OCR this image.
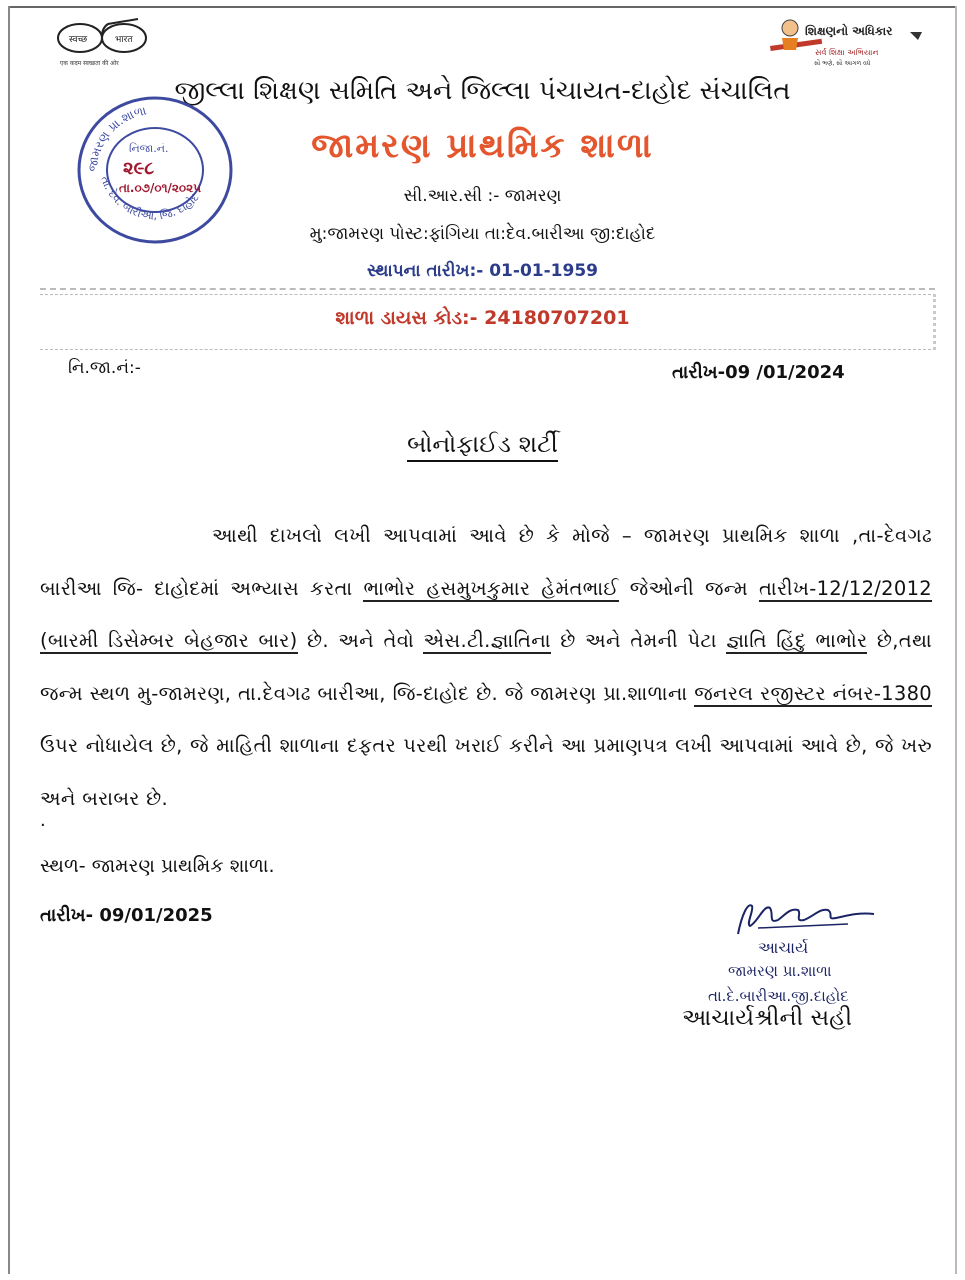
स्वच्छ	भारत
एक कदम स्वच्छता की ओर
શિક્ષણનો અધિકાર
સર્વ શિક્ષા અભિયાન
સૌ ભણે, સૌ આગળ વધે
જીલ્લા શિક્ષણ સમિતિ અને જિલ્લા પંચાયત-દાહોદ સંચાલિત
જામરણ પ્રાથમિક શાળા
સી.આર.સી :- જામરણ
મુ:જામરણ પોસ્ટ:ફાંગિયા તા:દેવ.બારીઆ જી:દાહોદ
સ્થાપના તારીખ:- 01-01-1959
જામરણ પ્રા.શાળા
તા. દેવ. બારીઆ, જિ. દાહોદ
નિજા.નં.
૨૯૮
તા.૦૭/૦૧/૨૦૨૫
શાળા ડાયસ કોડ:- 24180707201
નિ.જા.નં:-	તારીખ-09 /01/2024
બોનોફાઈડ શર્ટી

આથી દાખલો લખી આપવામાં આવે છે કે મોજે – જામરણ પ્રાથમિક શાળા ,તા-દેવગઢ બારીઆ જિ- દાહોદમાં અભ્યાસ કરતા ભાભોર હસમુખકુમાર હેમંતભાઈ જેઓની જન્મ તારીખ-12/12/2012 (બારમી ડિસેમ્બર બેહજાર બાર) છે. અને તેવો એસ.ટી.જ્ઞાતિના છે અને તેમની પેટા જ્ઞાતિ હિંદુ ભાભોર છે,તથા જન્મ સ્થળ મુ-જામરણ, તા.દેવગઢ બારીઆ, જિ-દાહોદ છે. જે જામરણ પ્રા.શાળાના જનરલ રજીસ્ટર નંબર-1380 ઉપર નોધાયેલ છે, જે માહિતી શાળાના દફતર પરથી ખરાઈ કરીને આ પ્રમાણપત્ર લખી આપવામાં આવે છે, જે ખરુ અને બરાબર છે.

.
સ્થળ- જામરણ પ્રાથમિક શાળા.
તારીખ- 09/01/2025
આચાર્ય
જામરણ પ્રા.શાળા
તા.દે.બારીઆ.જી.દાહોદ
આચાર્યશ્રીની સહી
